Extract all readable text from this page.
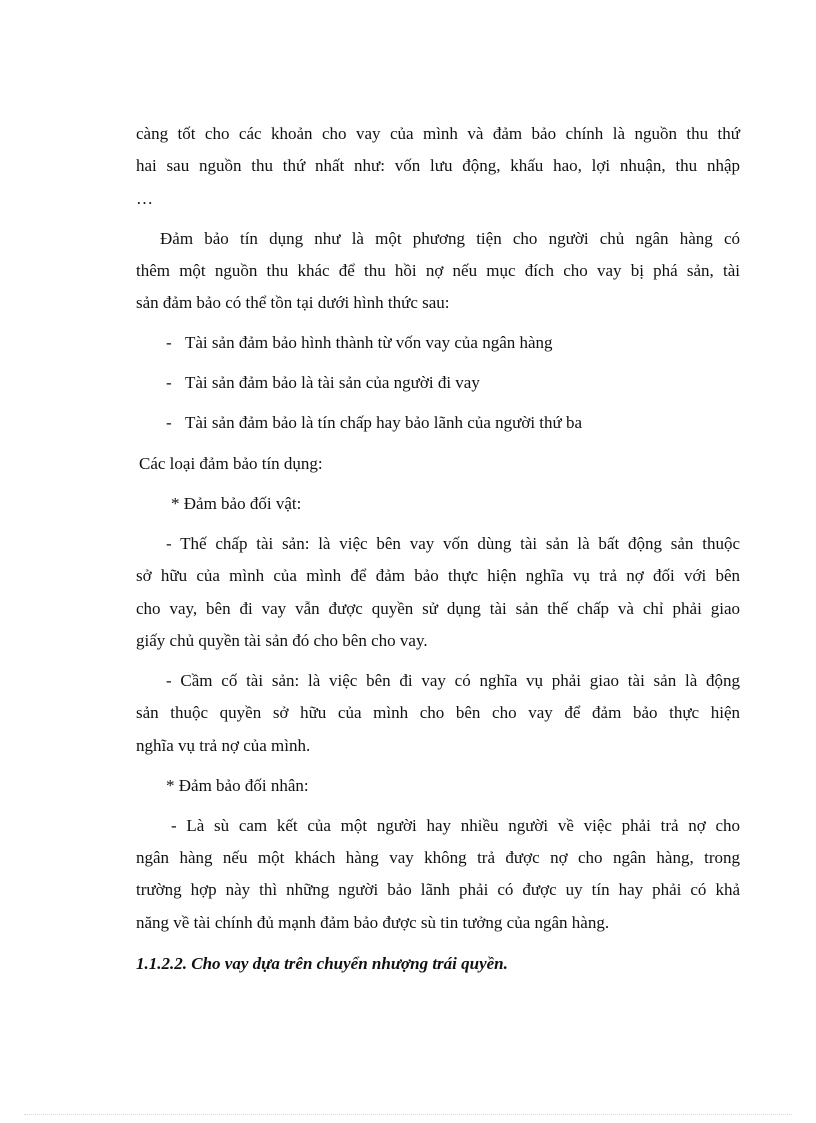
càng tốt cho các khoản cho vay của mình và đảm bảo chính là nguồn thu thứ
hai sau nguồn thu thứ nhất như: vốn lưu động, khấu hao, lợi nhuận, thu nhập
…
Đảm bảo tín dụng như là một phương tiện cho người chủ ngân hàng có
thêm một nguồn thu khác để thu hồi nợ nếu mục đích cho vay bị phá sản, tài
sản đảm bảo có thể tồn tại dưới hình thức sau:
- Tài sản đảm bảo hình thành từ vốn vay của ngân hàng
- Tài sản đảm bảo là tài sản của người đi vay
- Tài sản đảm bảo là tín chấp hay bảo lãnh của người thứ ba
Các loại đảm bảo tín dụng:
* Đảm bảo đối vật:
- Thế chấp tài sản: là việc bên vay vốn dùng tài sản là bất động sản thuộc
sở hữu của mình của mình để đảm bảo thực hiện nghĩa vụ trả nợ đối với bên
cho vay, bên đi vay vẫn được quyền sử dụng tài sản thế chấp và chỉ phải giao
giấy chủ quyền tài sản đó cho bên cho vay.
- Cầm cố tài sản: là việc bên đi vay có nghĩa vụ phải giao tài sản là động
sản thuộc quyền sở hữu của mình cho bên cho vay để đảm bảo thực hiện
nghĩa vụ trả nợ của mình.
* Đảm bảo đối nhân:
- Là sù cam kết của một người hay nhiều người về việc phải trả nợ cho
ngân hàng nếu một khách hàng vay không trả được nợ cho ngân hàng, trong
trường hợp này thì những người bảo lãnh phải có được uy tín hay phải có khả
năng về tài chính đủ mạnh đảm bảo được sù tin tưởng của ngân hàng.
1.1.2.2. Cho vay dựa trên chuyển nhượng trái quyền.
